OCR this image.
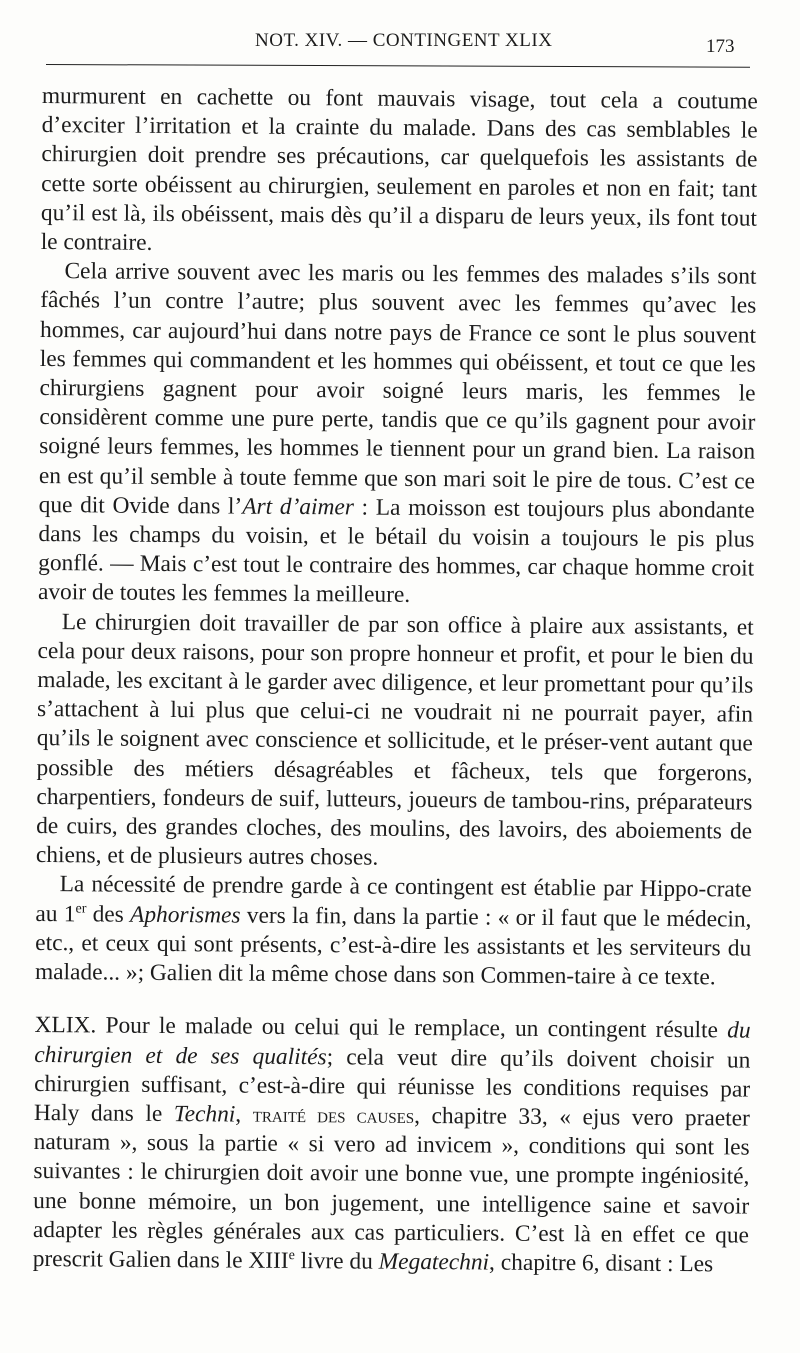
NOT. XIV. — CONTINGENT XLIX	173

murmurent en cachette ou font mauvais visage, tout cela a coutume d’exciter l’irritation et la crainte du malade. Dans des cas semblables le chirurgien doit prendre ses précautions, car quelquefois les assistants de cette sorte obéissent au chirurgien, seulement en paroles et non en fait; tant qu’il est là, ils obéissent, mais dès qu’il a disparu de leurs yeux, ils font tout le contraire.

Cela arrive souvent avec les maris ou les femmes des malades s’ils sont fâchés l’un contre l’autre; plus souvent avec les femmes qu’avec les hommes, car aujourd’hui dans notre pays de France ce sont le plus souvent les femmes qui commandent et les hommes qui obéissent, et tout ce que les chirurgiens gagnent pour avoir soigné leurs maris, les femmes le considèrent comme une pure perte, tandis que ce qu’ils gagnent pour avoir soigné leurs femmes, les hommes le tiennent pour un grand bien. La raison en est qu’il semble à toute femme que son mari soit le pire de tous. C’est ce que dit Ovide dans l’Art d’aimer : La moisson est toujours plus abondante dans les champs du voisin, et le bétail du voisin a toujours le pis plus gonflé. — Mais c’est tout le contraire des hommes, car chaque homme croit avoir de toutes les femmes la meilleure.

Le chirurgien doit travailler de par son office à plaire aux assistants, et cela pour deux raisons, pour son propre honneur et profit, et pour le bien du malade, les excitant à le garder avec diligence, et leur promettant pour qu’ils s’attachent à lui plus que celui-ci ne voudrait ni ne pourrait payer, afin qu’ils le soignent avec conscience et sollicitude, et le préser-vent autant que possible des métiers désagréables et fâcheux, tels que forgerons, charpentiers, fondeurs de suif, lutteurs, joueurs de tambou-rins, préparateurs de cuirs, des grandes cloches, des moulins, des lavoirs, des aboiements de chiens, et de plusieurs autres choses.

La nécessité de prendre garde à ce contingent est établie par Hippo-crate au 1er des Aphorismes vers la fin, dans la partie : « or il faut que le médecin, etc., et ceux qui sont présents, c’est-à-dire les assistants et les serviteurs du malade... »; Galien dit la même chose dans son Commen-taire à ce texte.

XLIX. Pour le malade ou celui qui le remplace, un contingent résulte du chirurgien et de ses qualités; cela veut dire qu’ils doivent choisir un chirurgien suffisant, c’est-à-dire qui réunisse les conditions requises par Haly dans le Techni, traité des causes, chapitre 33, « ejus vero praeter naturam », sous la partie « si vero ad invicem », conditions qui sont les suivantes : le chirurgien doit avoir une bonne vue, une prompte ingéniosité, une bonne mémoire, un bon jugement, une intelligence saine et savoir adapter les règles générales aux cas particuliers. C’est là en effet ce que prescrit Galien dans le XIIIe livre du Megatechni, chapitre 6, disant : Les
